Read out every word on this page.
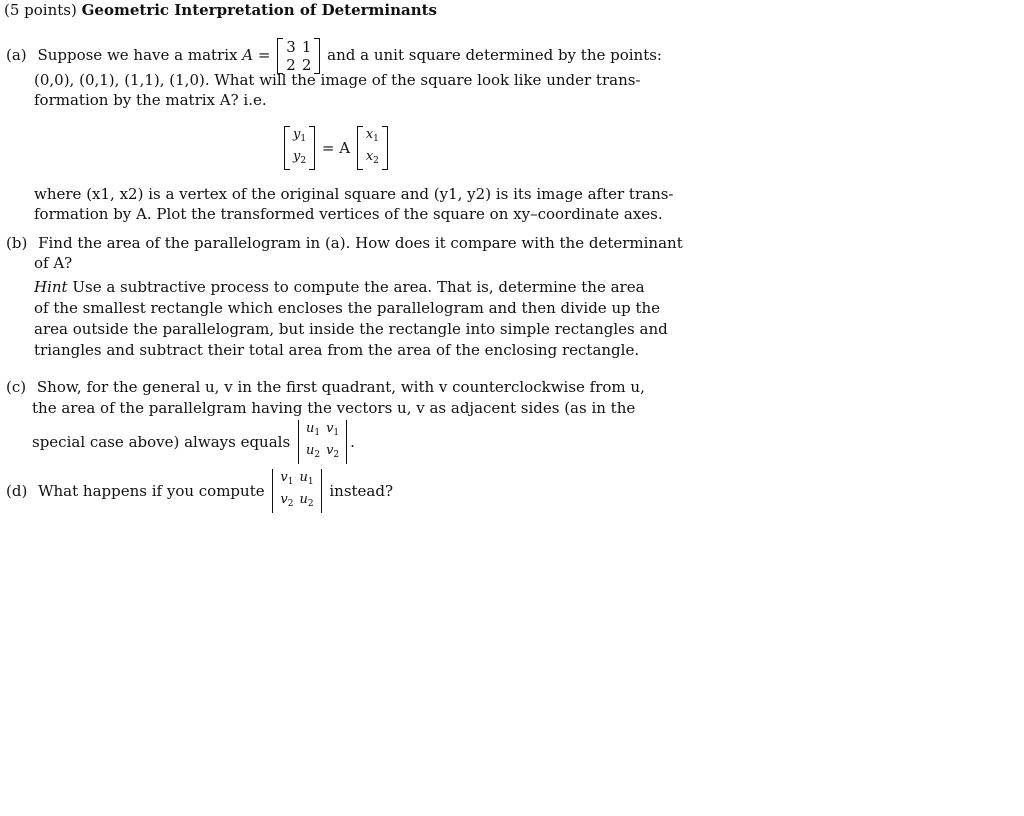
(5 points) Geometric Interpretation of Determinants
(a) Suppose we have a matrix A = 3	1
2	2
and a unit square determined by the points:
(0,0), (0,1), (1,1), (1,0). What will the image of the square look like under trans-
formation by the matrix A? i.e.
$y_1$
$y_2$
= A
$x_1$
$x_2$
where (x1, x2) is a vertex of the original square and (y1, y2) is its image after trans-
formation by A. Plot the transformed vertices of the square on xy–coordinate axes.
(b) Find the area of the parallelogram in (a). How does it compare with the determinant
of A?
Hint Use a subtractive process to compute the area. That is, determine the area
of the smallest rectangle which encloses the parallelogram and then divide up the
area outside the parallelogram, but inside the rectangle into simple rectangles and
triangles and subtract their total area from the area of the enclosing rectangle.
(c) Show, for the general u, v in the first quadrant, with v counterclockwise from u,
the area of the parallelgram having the vectors u, v as adjacent sides (as in the
special case above) always equals
$u_1$	$v_1$
$u_2$	$v_2$
.
(d) What happens if you compute
$v_1$	$u_1$
$v_2$	$u_2$
instead?
